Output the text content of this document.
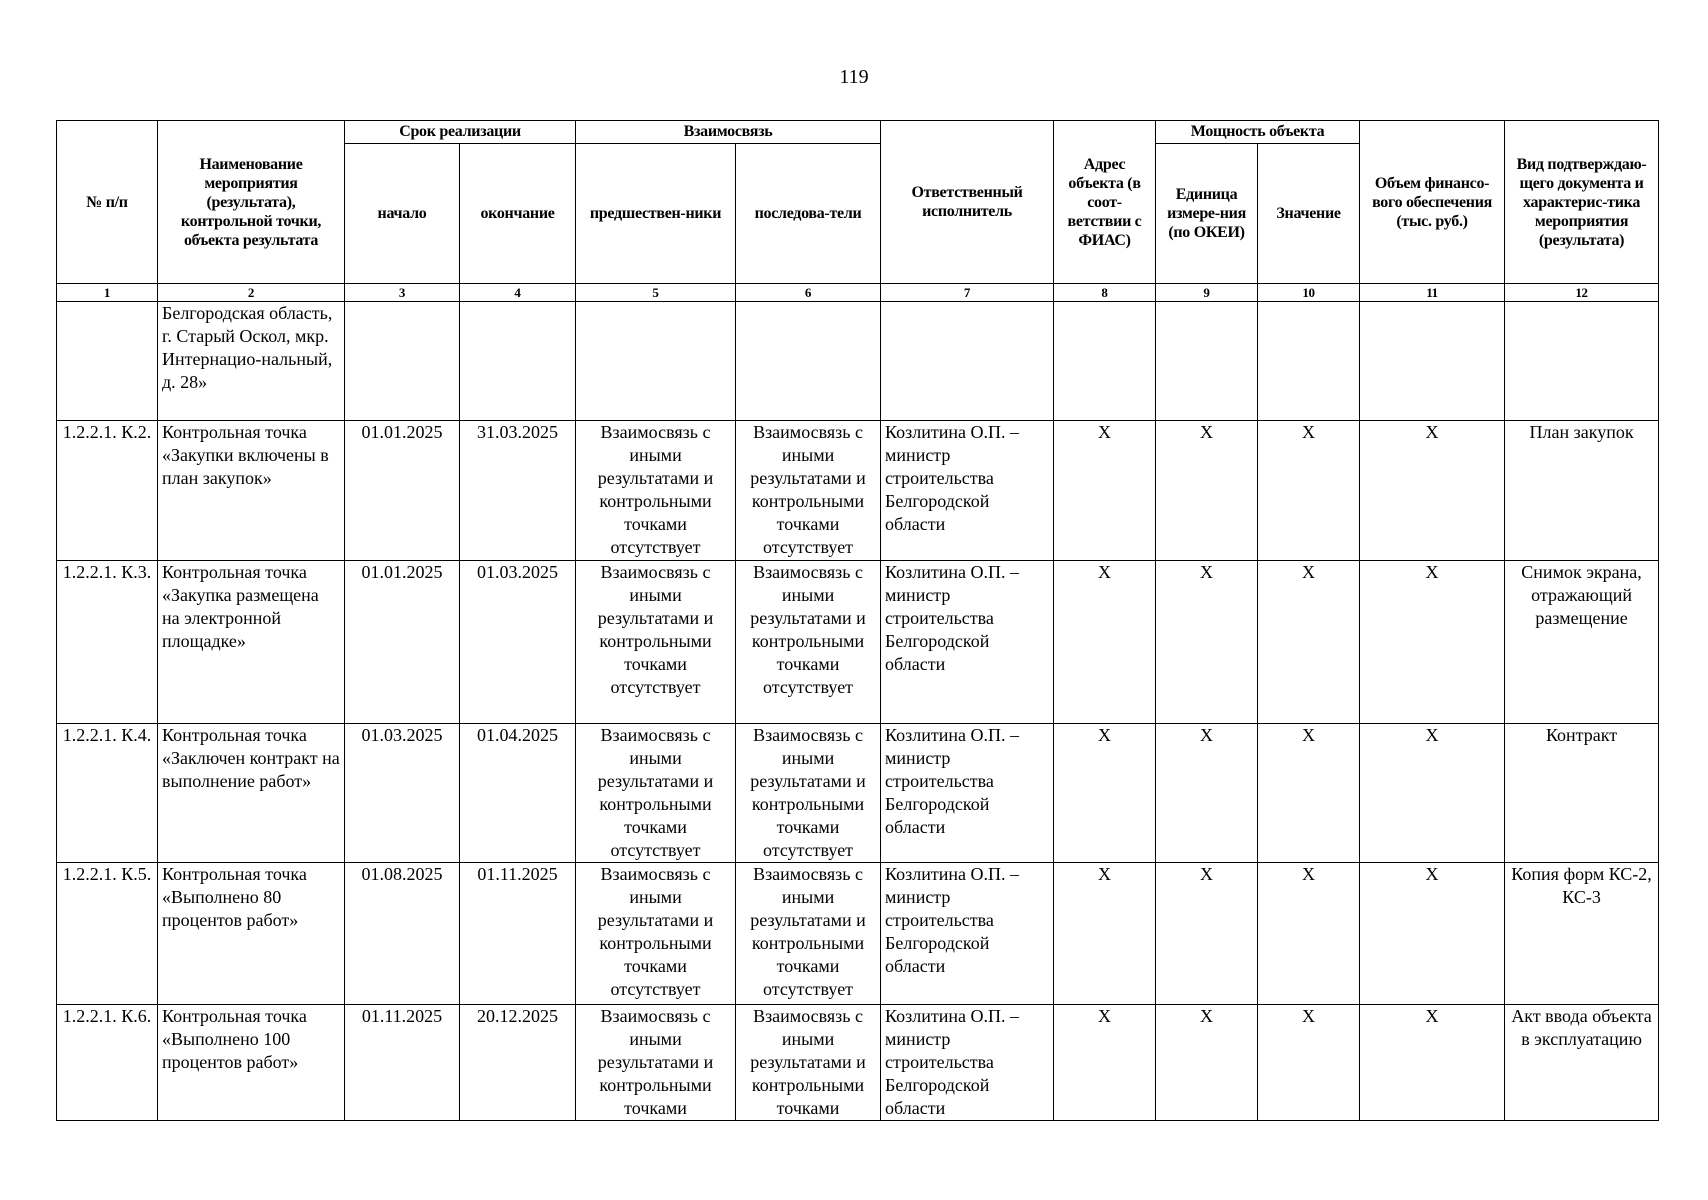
119
№ п/п	Наименование мероприятия (результата), контрольной точки, объекта результата	Срок реализации		Взаимосвязь		Ответственный исполнитель	Адрес объекта (в соот-ветствии с ФИАС)	Мощность объекта		Объем финансо-вого обеспечения (тыс. руб.)	Вид подтверждаю-щего документа и характерис-тика мероприятия (результата)
		начало	окончание	предшествен-ники	последова-тели			Единица измере-ния (по ОКЕИ)	Значение		
1	2	3	4	5	6	7	8	9	10	11	12
	Белгородская область, г. Старый Оскол, мкр. Интернацио-нальный, д. 28»										
1.2.2.1. К.2.	Контрольная точка «Закупки включены в план закупок»	01.01.2025	31.03.2025	Взаимосвязь с иными результатами и контрольными точками отсутствует	Взаимосвязь с иными результатами и контрольными точками отсутствует	Козлитина О.П. – министр строительства Белгородской области	X	X	X	X	План закупок
1.2.2.1. К.3.	Контрольная точка «Закупка размещена на электронной площадке»	01.01.2025	01.03.2025	Взаимосвязь с иными результатами и контрольными точками отсутствует	Взаимосвязь с иными результатами и контрольными точками отсутствует	Козлитина О.П. – министр строительства Белгородской области	X	X	X	X	Снимок экрана, отражающий размещение
1.2.2.1. К.4.	Контрольная точка «Заключен контракт на выполнение работ»	01.03.2025	01.04.2025	Взаимосвязь с иными результатами и контрольными точками отсутствует	Взаимосвязь с иными результатами и контрольными точками отсутствует	Козлитина О.П. – министр строительства Белгородской области	X	X	X	X	Контракт
1.2.2.1. К.5.	Контрольная точка «Выполнено 80 процентов работ»	01.08.2025	01.11.2025	Взаимосвязь с иными результатами и контрольными точками отсутствует	Взаимосвязь с иными результатами и контрольными точками отсутствует	Козлитина О.П. – министр строительства Белгородской области	X	X	X	X	Копия форм КС-2, КС-3
1.2.2.1. К.6.	Контрольная точка «Выполнено 100 процентов работ»	01.11.2025	20.12.2025	Взаимосвязь с иными результатами и контрольными точками	Взаимосвязь с иными результатами и контрольными точками	Козлитина О.П. – министр строительства Белгородской области	X	X	X	X	Акт ввода объекта в эксплуатацию
